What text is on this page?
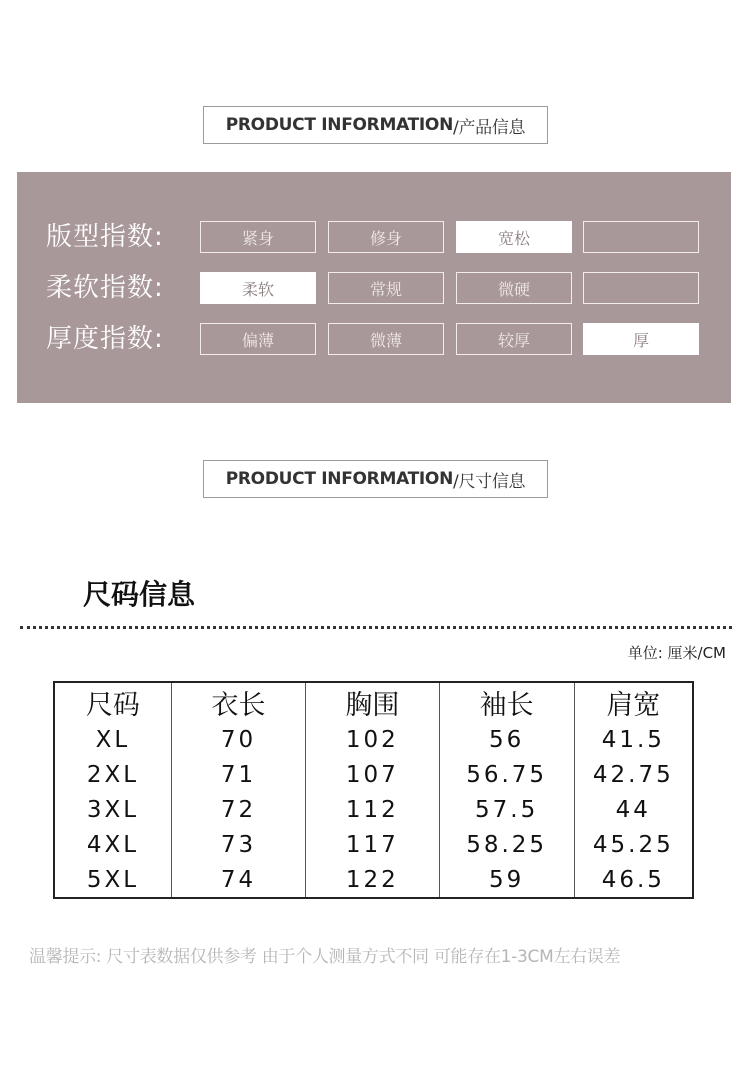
PRODUCT INFORMATION /产品信息
版型指数:	紧身	修身	宽松
柔软指数:	柔软	常规	微硬
厚度指数:	偏薄	微薄	较厚	厚
PRODUCT INFORMATION /尺寸信息
尺码信息
单位: 厘米/CM
尺码	衣长	胸围	袖长	肩宽
XL	70	102	56	41.5
2XL	71	107	56.75	42.75
3XL	72	112	57.5	44
4XL	73	117	58.25	45.25
5XL	74	122	59	46.5
温馨提示: 尺寸表数据仅供参考 由于个人测量方式不同 可能存在1-3CM左右误差
